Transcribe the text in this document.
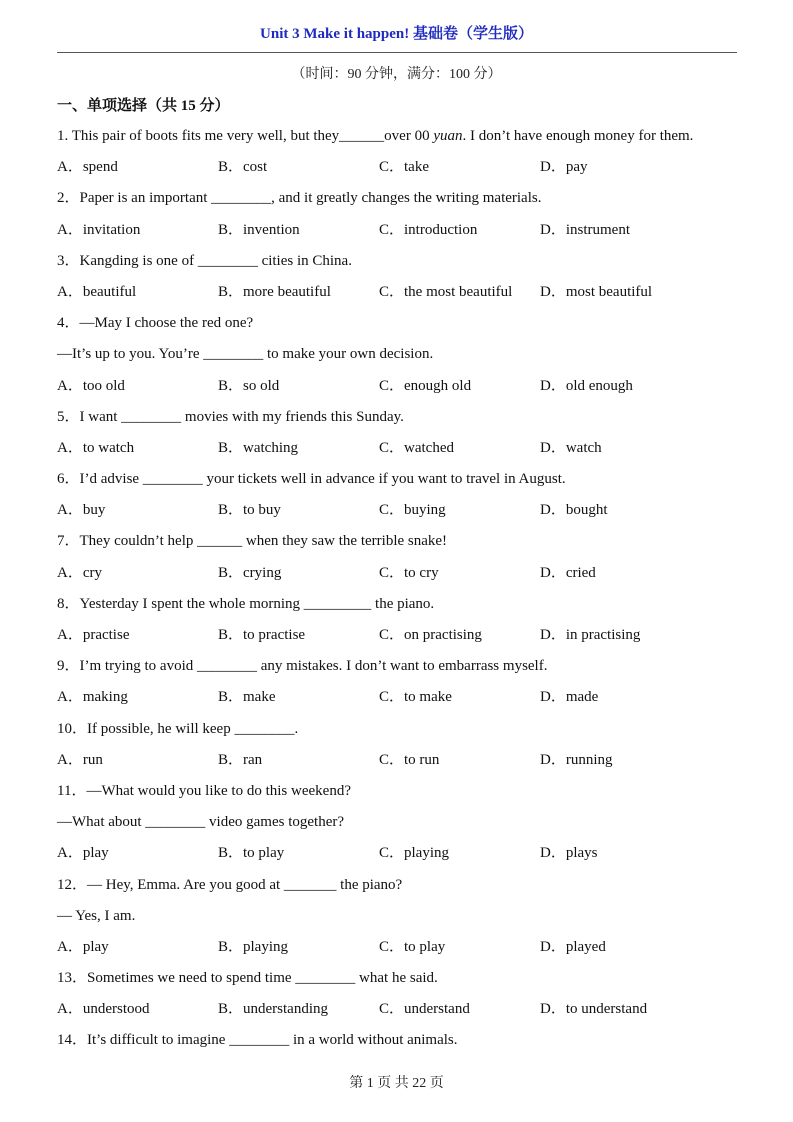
Unit 3 Make it happen! 基础卷（学生版）
（时间：90 分钟，满分：100 分）
一、单项选择（共 15 分）
1. This pair of boots fits me very well, but they______over 00 yuan. I don’t have enough money for them.
A．spend	B．cost	C．take	D．pay
2．Paper is an important ________, and it greatly changes the writing materials.
A．invitation	B．invention	C．introduction	D．instrument
3．Kangding is one of ________ cities in China.
A．beautiful	B．more beautiful	C．the most beautiful	D．most beautiful
4．—May I choose the red one?
—It’s up to you. You’re ________ to make your own decision.
A．too old	B．so old	C．enough old	D．old enough
5．I want ________ movies with my friends this Sunday.
A．to watch	B．watching	C．watched	D．watch
6．I’d advise ________ your tickets well in advance if you want to travel in August.
A．buy	B．to buy	C．buying	D．bought
7．They couldn’t help ______ when they saw the terrible snake!
A．cry	B．crying	C．to cry	D．cried
8．Yesterday I spent the whole morning _________ the piano.
A．practise	B．to practise	C．on practising	D．in practising
9．I’m trying to avoid ________ any mistakes. I don’t want to embarrass myself.
A．making	B．make	C．to make	D．made
10．If possible, he will keep ________.
A．run	B．ran	C．to run	D．running
11．—What would you like to do this weekend?
—What about ________ video games together?
A．play	B．to play	C．playing	D．plays
12．— Hey, Emma. Are you good at _______ the piano?
— Yes, I am.
A．play	B．playing	C．to play	D．played
13．Sometimes we need to spend time ________ what he said.
A．understood	B．understanding	C．understand	D．to understand
14．It’s difficult to imagine ________ in a world without animals.
第 1 页 共 22 页
